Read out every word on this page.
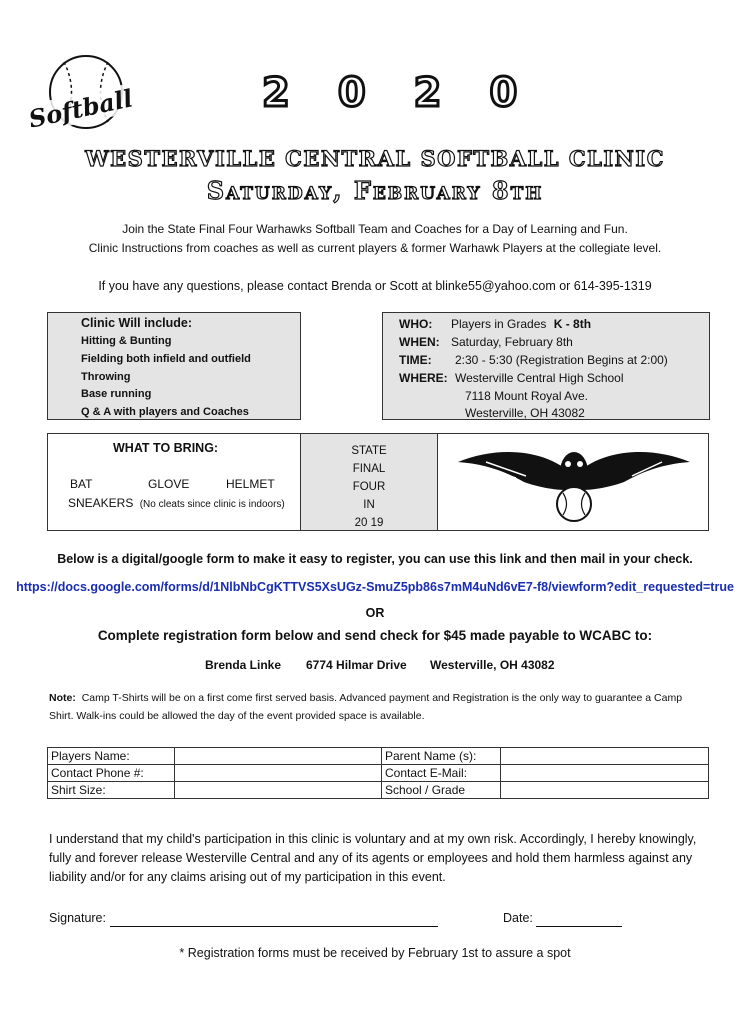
Softball	2020
WESTERVILLE CENTRAL SOFTBALL CLINIC
Saturday, February 8th
Join the State Final Four Warhawks Softball Team and Coaches for a Day of Learning and Fun.
Clinic Instructions from coaches as well as current players & former Warhawk Players at the collegiate level.
If you have any questions, please contact Brenda or Scott at blinke55@yahoo.com or 614-395-1319
Clinic Will include:
Hitting & Bunting
Fielding both infield and outfield
Throwing
Base running
Q & A with players and Coaches
WHO: Players in Grades K - 8th
WHEN: Saturday, February 8th
TIME: 2:30 - 5:30 (Registration Begins at 2:00)
WHERE: Westerville Central High School
7118 Mount Royal Ave.
Westerville, OH 43082
WHAT TO BRING:
BAT	GLOVE	HELMET
SNEAKERS (No cleats since clinic is indoors)
STATE
FINAL
FOUR
IN
20 19
Below is a digital/google form to make it easy to register, you can use this link and then mail in your check.
https://docs.google.com/forms/d/1NlbNbCgKTTVS5XsUGz-SmuZ5pb86s7mM4uNd6vE7-f8/viewform?edit_requested=true
OR
Complete registration form below and send check for $45 made payable to WCABC to:
Brenda Linke 6774 Hilmar Drive Westerville, OH 43082
Note: Camp T-Shirts will be on a first come first served basis. Advanced payment and Registration is the only way to guarantee a Camp Shirt. Walk-ins could be allowed the day of the event provided space is available.
Players Name:		Parent Name (s):	
Contact Phone #:		Contact E-Mail:	
Shirt Size:		School / Grade	
I understand that my child's participation in this clinic is voluntary and at my own risk. Accordingly, I hereby knowingly, fully and forever release Westerville Central and any of its agents or employees and hold them harmless against any liability and/or for any claims arising out of my participation in this event.
Signature:	Date:
* Registration forms must be received by February 1st to assure a spot
